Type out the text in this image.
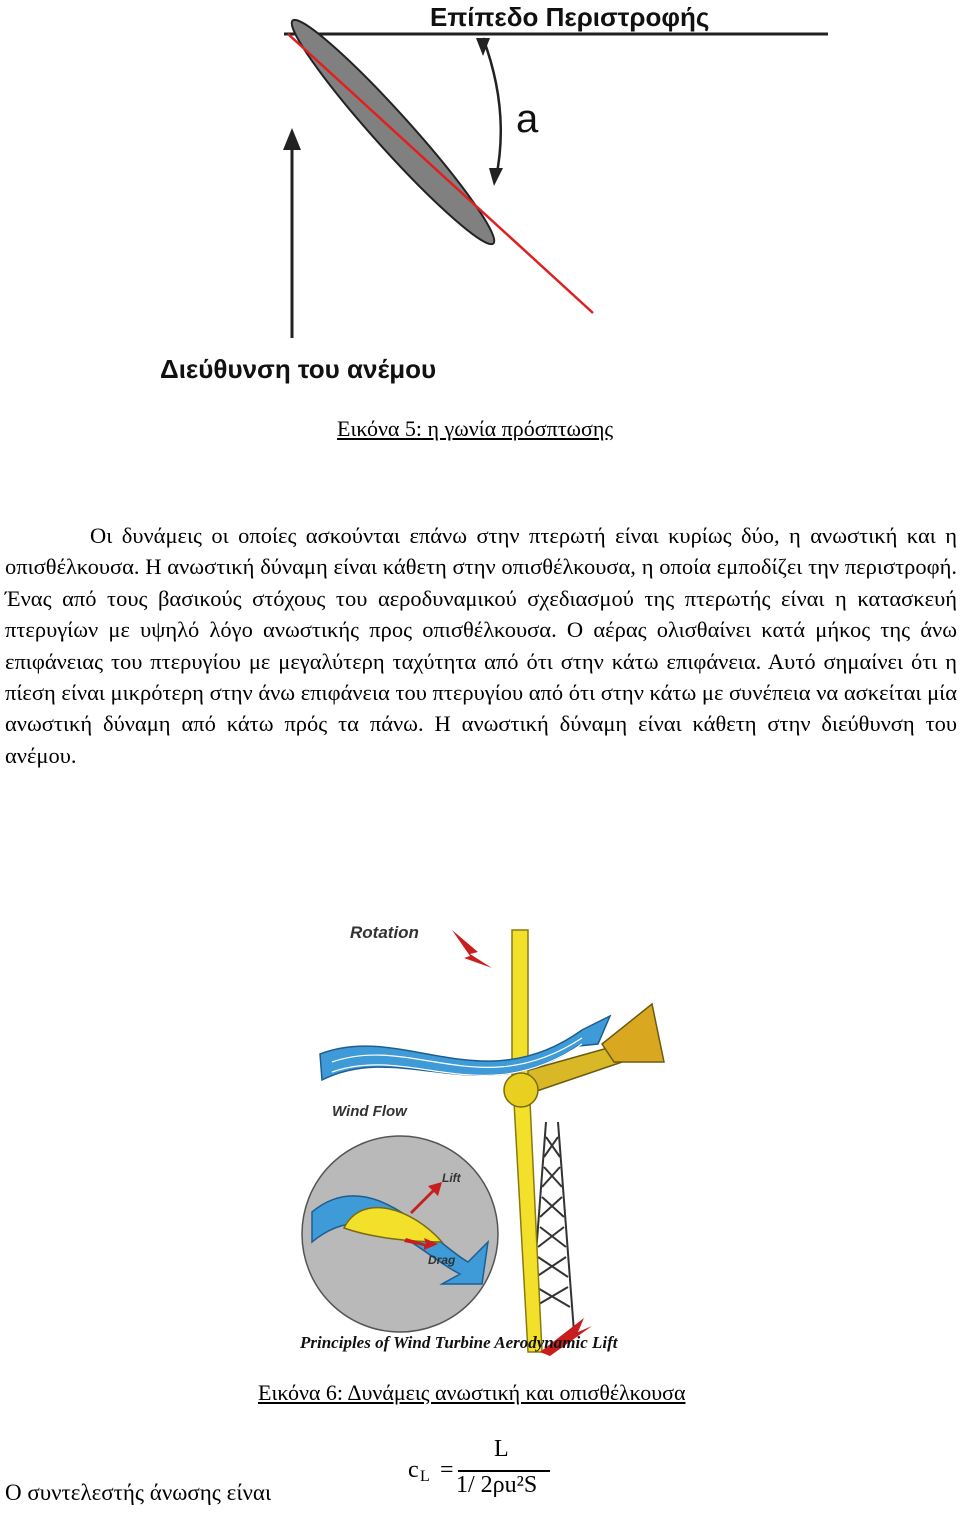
Επίπεδο Περιστροφής
a
Διεύθυνση του ανέμου
Εικόνα 5: η γωνία πρόσπτωσης
Οι δυνάμεις οι οποίες ασκούνται επάνω στην πτερωτή είναι κυρίως δύο, η ανωστική και η οπισθέλκουσα. Η ανωστική δύναμη είναι κάθετη στην οπισθέλκουσα, η οποία εμποδίζει την περιστροφή. Ένας από τους βασικούς στόχους του αεροδυναμικού σχεδιασμού της πτερωτής είναι η κατασκευή πτερυγίων με υψηλό λόγο ανωστικής προς οπισθέλκουσα. Ο αέρας ολισθαίνει κατά μήκος της άνω επιφάνειας του πτερυγίου με μεγαλύτερη ταχύτητα από ότι στην κάτω επιφάνεια. Αυτό σημαίνει ότι η πίεση είναι μικρότερη στην άνω επιφάνεια του πτερυγίου από ότι στην κάτω με συνέπεια να ασκείται μία ανωστική δύναμη από κάτω πρός τα πάνω. Η ανωστική δύναμη είναι κάθετη στην διεύθυνση του ανέμου.
Rotation
Wind Flow
Lift
Drag
Principles of Wind Turbine Aerodynamic Lift
Εικόνα 6: Δυνάμεις ανωστική και οπισθέλκουσα
Ο συντελεστής άνωσης είναι
c L =
L
1/ 2ρu²S
